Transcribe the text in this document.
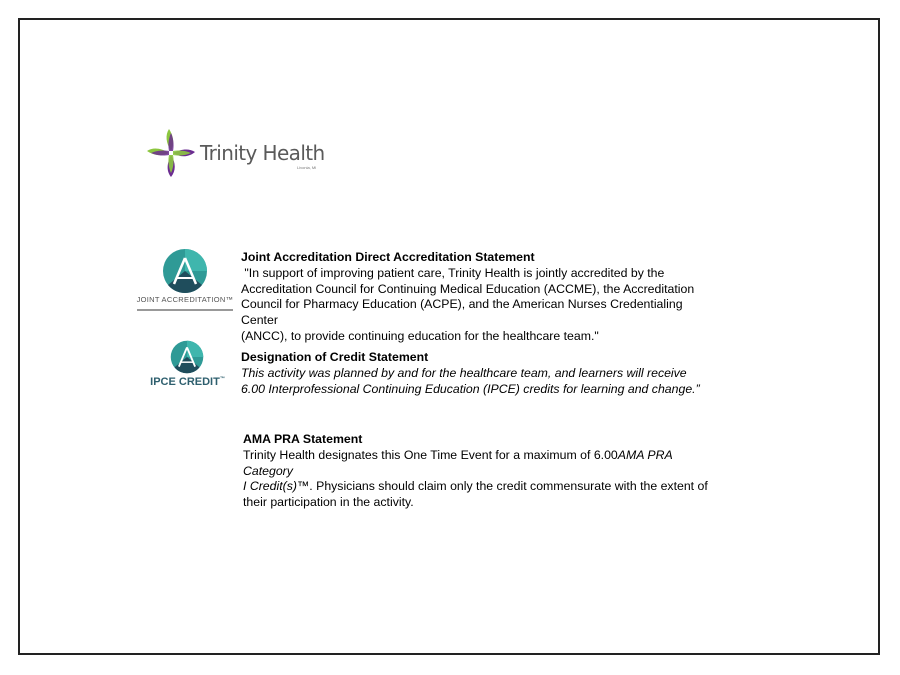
Trinity Health
Livonia, MI
JOINT ACCREDITATION™
IPCE CREDIT™
Joint Accreditation Direct Accreditation Statement
"In support of improving patient care, Trinity Health is jointly accredited by the
Accreditation Council for Continuing Medical Education (ACCME), the Accreditation
Council for Pharmacy Education (ACPE), and the American Nurses Credentialing Center
(ANCC), to provide continuing education for the healthcare team."
Designation of Credit Statement
This activity was planned by and for the healthcare team, and learners will receive
6.00 Interprofessional Continuing Education (IPCE) credits for learning and change.”
AMA PRA Statement
Trinity Health designates this One Time Event for a maximum of 6.00AMA PRA Category
I Credit(s)™. Physicians should claim only the credit commensurate with the extent of
their participation in the activity.
